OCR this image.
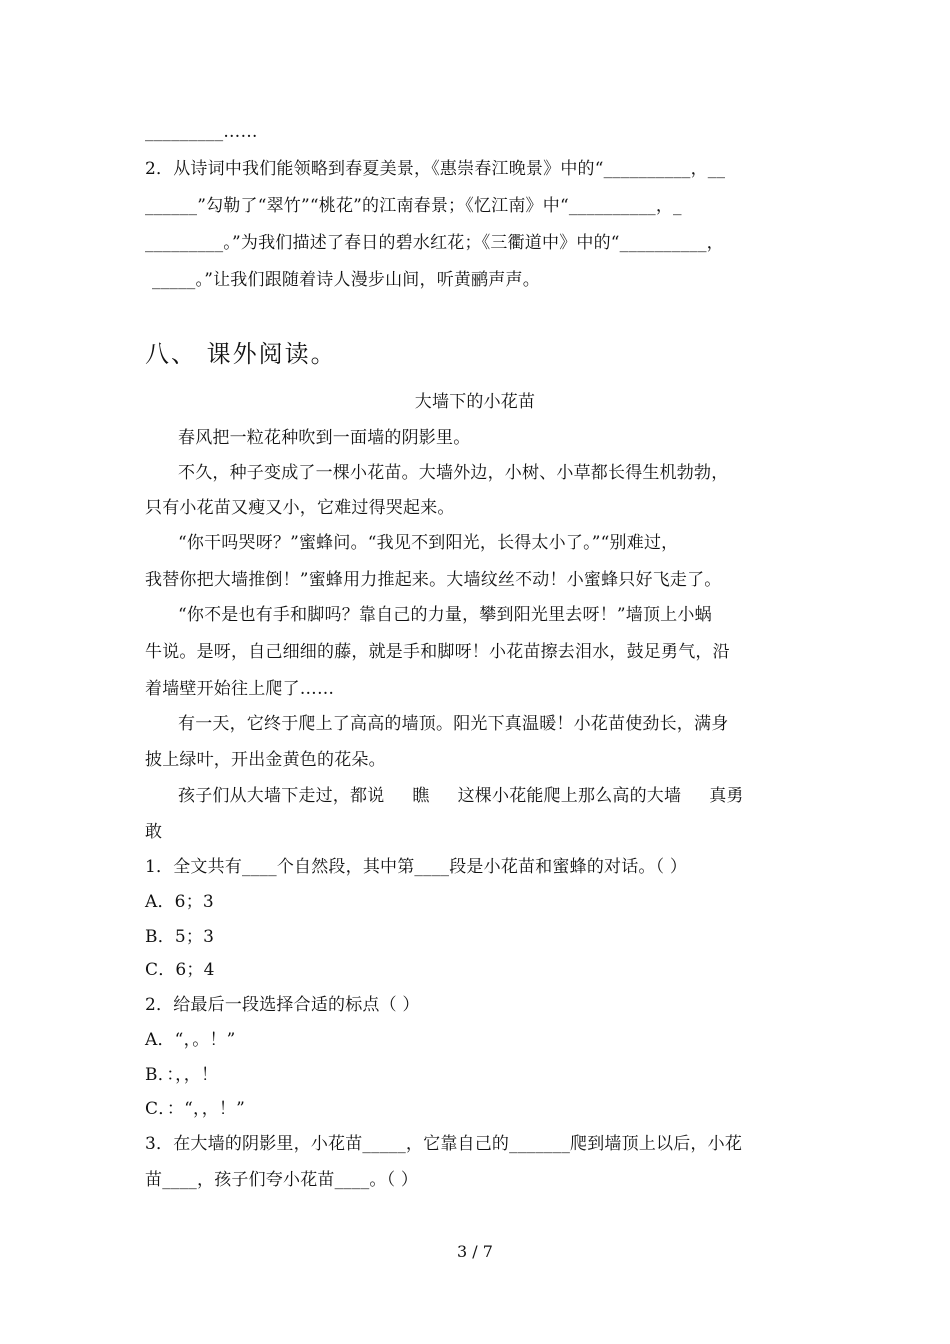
_________……
2．从诗词中我们能领略到春夏美景，《惠崇春江晚景》中的“__________，__
______”勾勒了“翠竹”“桃花”的江南春景；《忆江南》中“__________，_
_________。”为我们描述了春日的碧水红花；《三衢道中》中的“__________，
_____。”让我们跟随着诗人漫步山间，听黄鹂声声。
八、 课外阅读。
大墙下的小花苗
春风把一粒花种吹到一面墙的阴影里。
不久，种子变成了一棵小花苗。大墙外边，小树、小草都长得生机勃勃，
只有小花苗又瘦又小，它难过得哭起来。
“你干吗哭呀？”蜜蜂问。“我见不到阳光，长得太小了。”“别难过，
我替你把大墙推倒！”蜜蜂用力推起来。大墙纹丝不动！小蜜蜂只好飞走了。
“你不是也有手和脚吗？靠自己的力量，攀到阳光里去呀！”墙顶上小蜗
牛说。是呀，自己细细的藤，就是手和脚呀！小花苗擦去泪水，鼓足勇气，沿
着墙壁开始往上爬了……
有一天，它终于爬上了高高的墙顶。阳光下真温暖！小花苗使劲长，满身
披上绿叶，开出金黄色的花朵。
孩子们从大墙下走过，都说 瞧 这棵小花能爬上那么高的大墙 真勇
敢
1．全文共有____个自然段，其中第____段是小花苗和蜜蜂的对话。（ ）
A．6；3
B．5；3
C．6；4
2．给最后一段选择合适的标点（ ）
A．“，。！”
B．：，，！
C．：“，，！”
3．在大墙的阴影里，小花苗_____，它靠自己的_______爬到墙顶上以后，小花
苗____，孩子们夸小花苗____。（ ）
3 / 7
